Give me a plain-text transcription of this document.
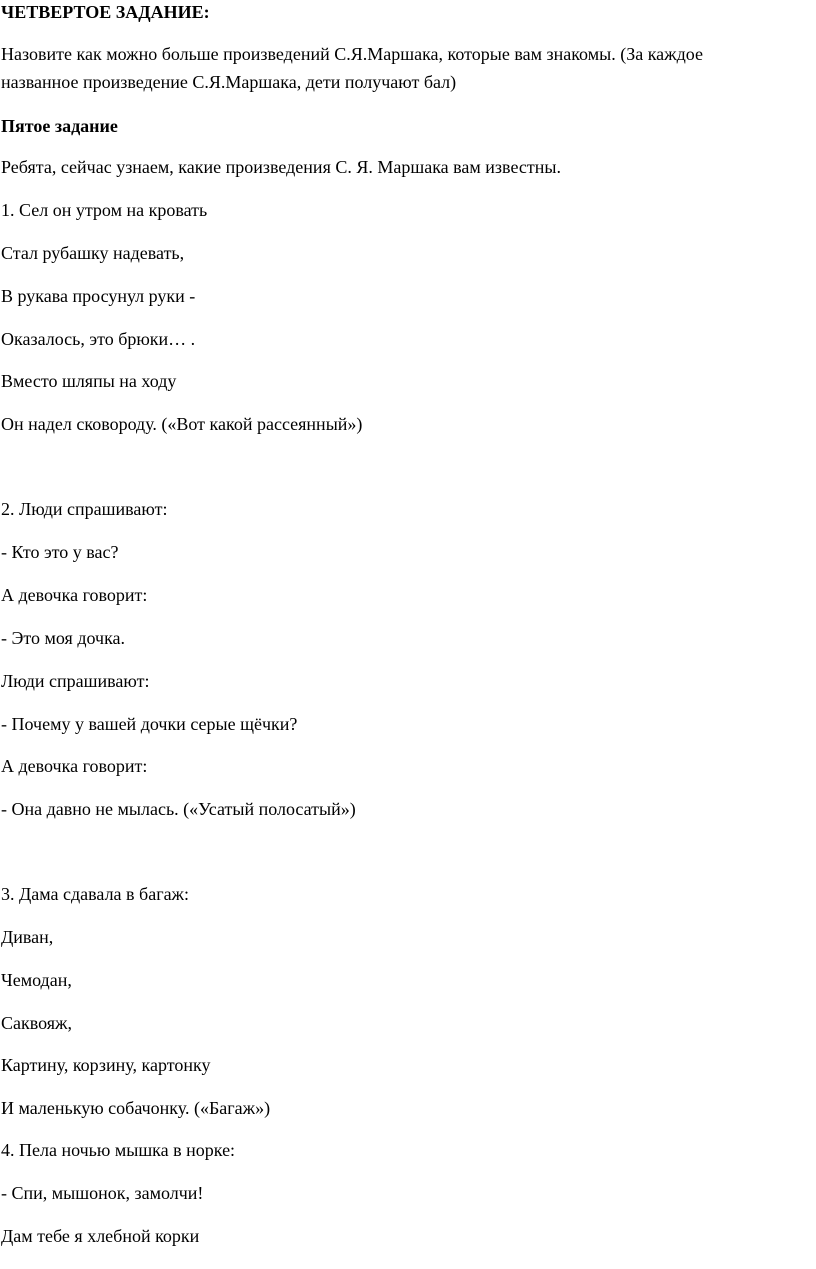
ЧЕТВЕРТОЕ ЗАДАНИЕ:

Назовите как можно больше произведений С.Я.Маршака, которые вам знакомы. (За каждое

названное произведение С.Я.Маршака, дети получают бал)

Пятое задание

Ребята, сейчас узнаем, какие произведения С. Я. Маршака вам известны.

1. Сел он утром на кровать

Стал рубашку надевать,

В рукава просунул руки -

Оказалось, это брюки… .

Вместо шляпы на ходу

Он надел сковороду. («Вот какой рассеянный»)

2. Люди спрашивают:

- Кто это у вас?

А девочка говорит:

- Это моя дочка.

Люди спрашивают:

- Почему у вашей дочки серые щёчки?

А девочка говорит:

- Она давно не мылась. («Усатый полосатый»)

3. Дама сдавала в багаж:

Диван,

Чемодан,

Саквояж,

Картину, корзину, картонку

И маленькую собачонку. («Багаж»)

4. Пела ночью мышка в норке:

- Спи, мышонок, замолчи!

Дам тебе я хлебной корки
